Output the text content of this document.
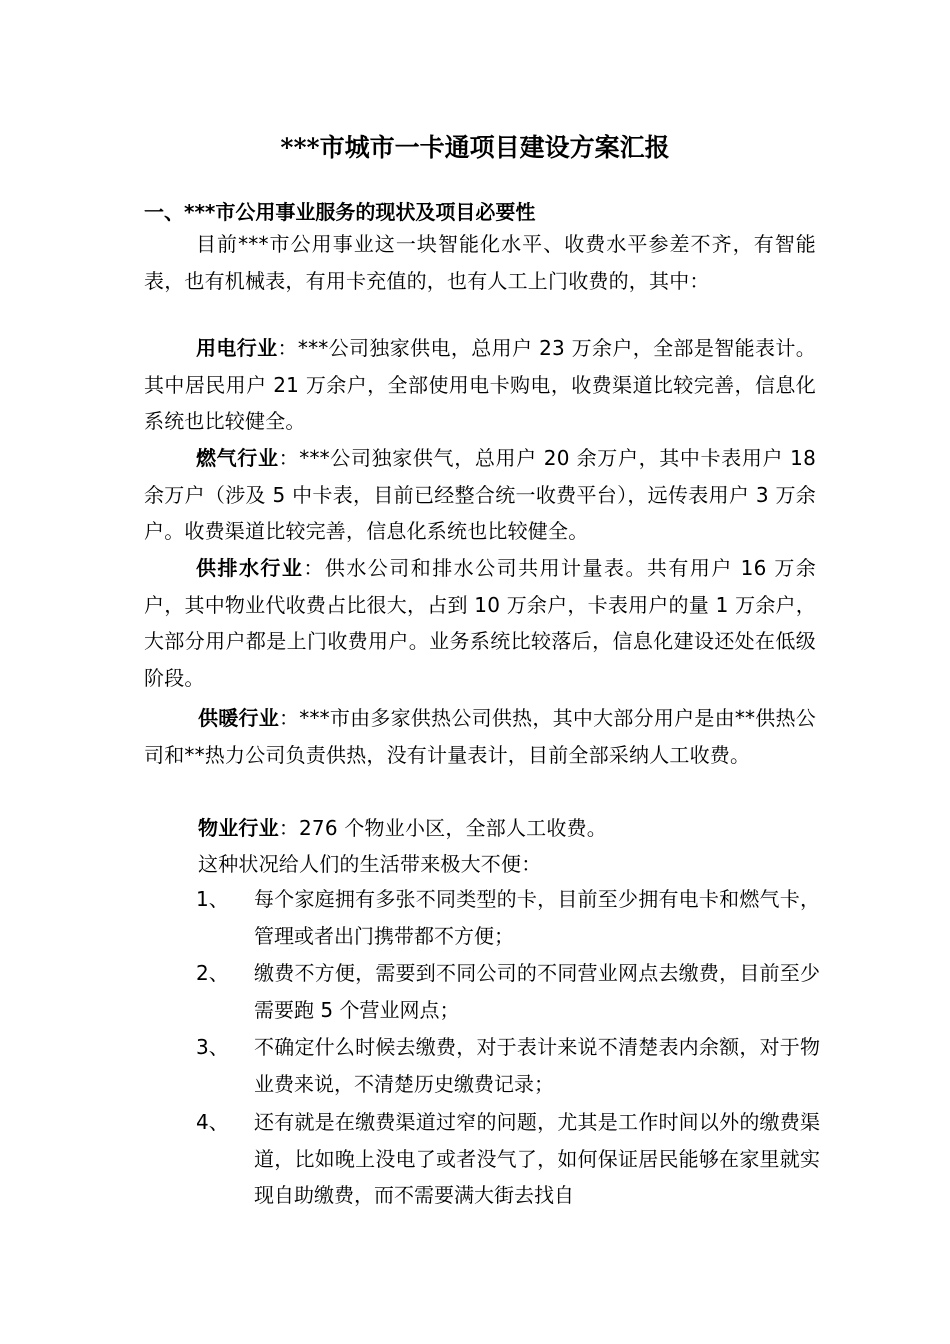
***市城市一卡通项目建设方案汇报
一、***市公用事业服务的现状及项目必要性

目前***市公用事业这一块智能化水平、收费水平参差不齐，有智能表，也有机械表，有用卡充值的，也有人工上门收费的，其中：

用电行业：***公司独家供电，总用户 23 万余户，全部是智能表计。其中居民用户 21 万余户，全部使用电卡购电，收费渠道比较完善，信息化系统也比较健全。

燃气行业：***公司独家供气，总用户 20 余万户，其中卡表用户 18 余万户（涉及 5 中卡表，目前已经整合统一收费平台），远传表用户 3 万余户。收费渠道比较完善，信息化系统也比较健全。

供排水行业：供水公司和排水公司共用计量表。共有用户 16 万余户，其中物业代收费占比很大，占到 10 万余户，卡表用户的量 1 万余户，大部分用户都是上门收费用户。业务系统比较落后，信息化建设还处在低级阶段。

供暖行业：***市由多家供热公司供热，其中大部分用户是由**供热公司和**热力公司负责供热，没有计量表计，目前全部采纳人工收费。

物业行业：276 个物业小区，全部人工收费。

这种状况给人们的生活带来极大不便：

1、	每个家庭拥有多张不同类型的卡，目前至少拥有电卡和燃气卡，管理或者出门携带都不方便；
2、	缴费不方便，需要到不同公司的不同营业网点去缴费，目前至少需要跑 5 个营业网点；
3、	不确定什么时候去缴费，对于表计来说不清楚表内余额，对于物业费来说，不清楚历史缴费记录；
4、	还有就是在缴费渠道过窄的问题，尤其是工作时间以外的缴费渠道，比如晚上没电了或者没气了，如何保证居民能够在家里就实现自助缴费，而不需要满大街去找自
